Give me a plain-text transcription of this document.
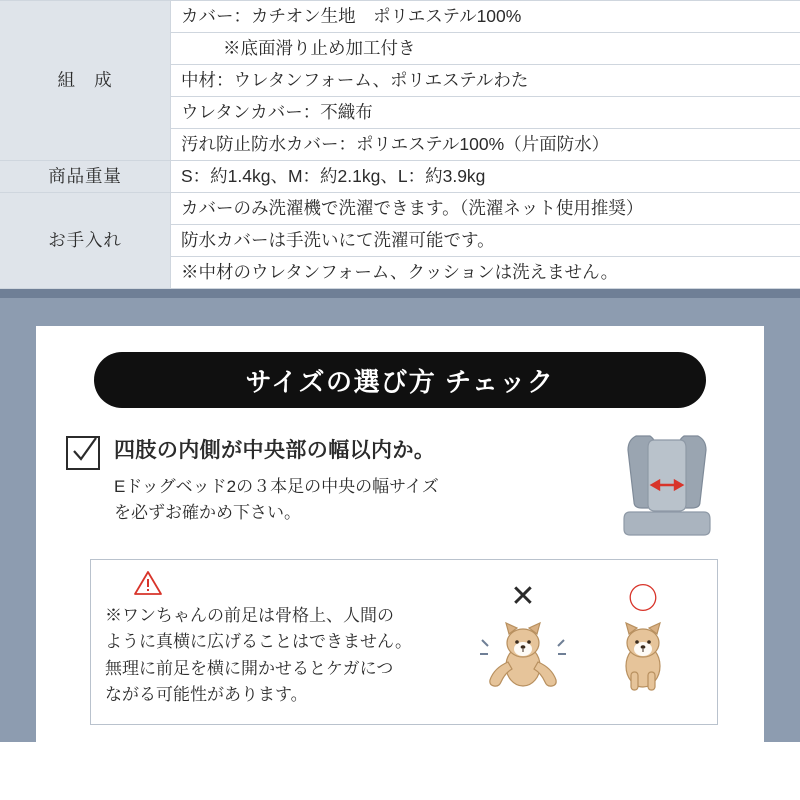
組　成	カバー：カチオン生地　ポリエステル100%
	※底面滑り止め加工付き
	中材：ウレタンフォーム、ポリエステルわた
	ウレタンカバー：不織布
	汚れ防止防水カバー：ポリエステル100%（片面防水）
商品重量	S：約1.4kg、M：約2.1kg、L：約3.9kg
お手入れ	カバーのみ洗濯機で洗濯できます。（洗濯ネット使用推奨）
	防水カバーは手洗いにて洗濯可能です。
	※中材のウレタンフォーム、クッションは洗えません。
サイズの選び方 チェック
四肢の内側が中央部の幅以内か。
Eドッグベッド2の３本足の中央の幅サイズ
を必ずお確かめ下さい。
※ワンちゃんの前足は骨格上、人間の
ように真横に広げることはできません。
無理に前足を横に開かせるとケガにつ
ながる可能性があります。
✕	〇
